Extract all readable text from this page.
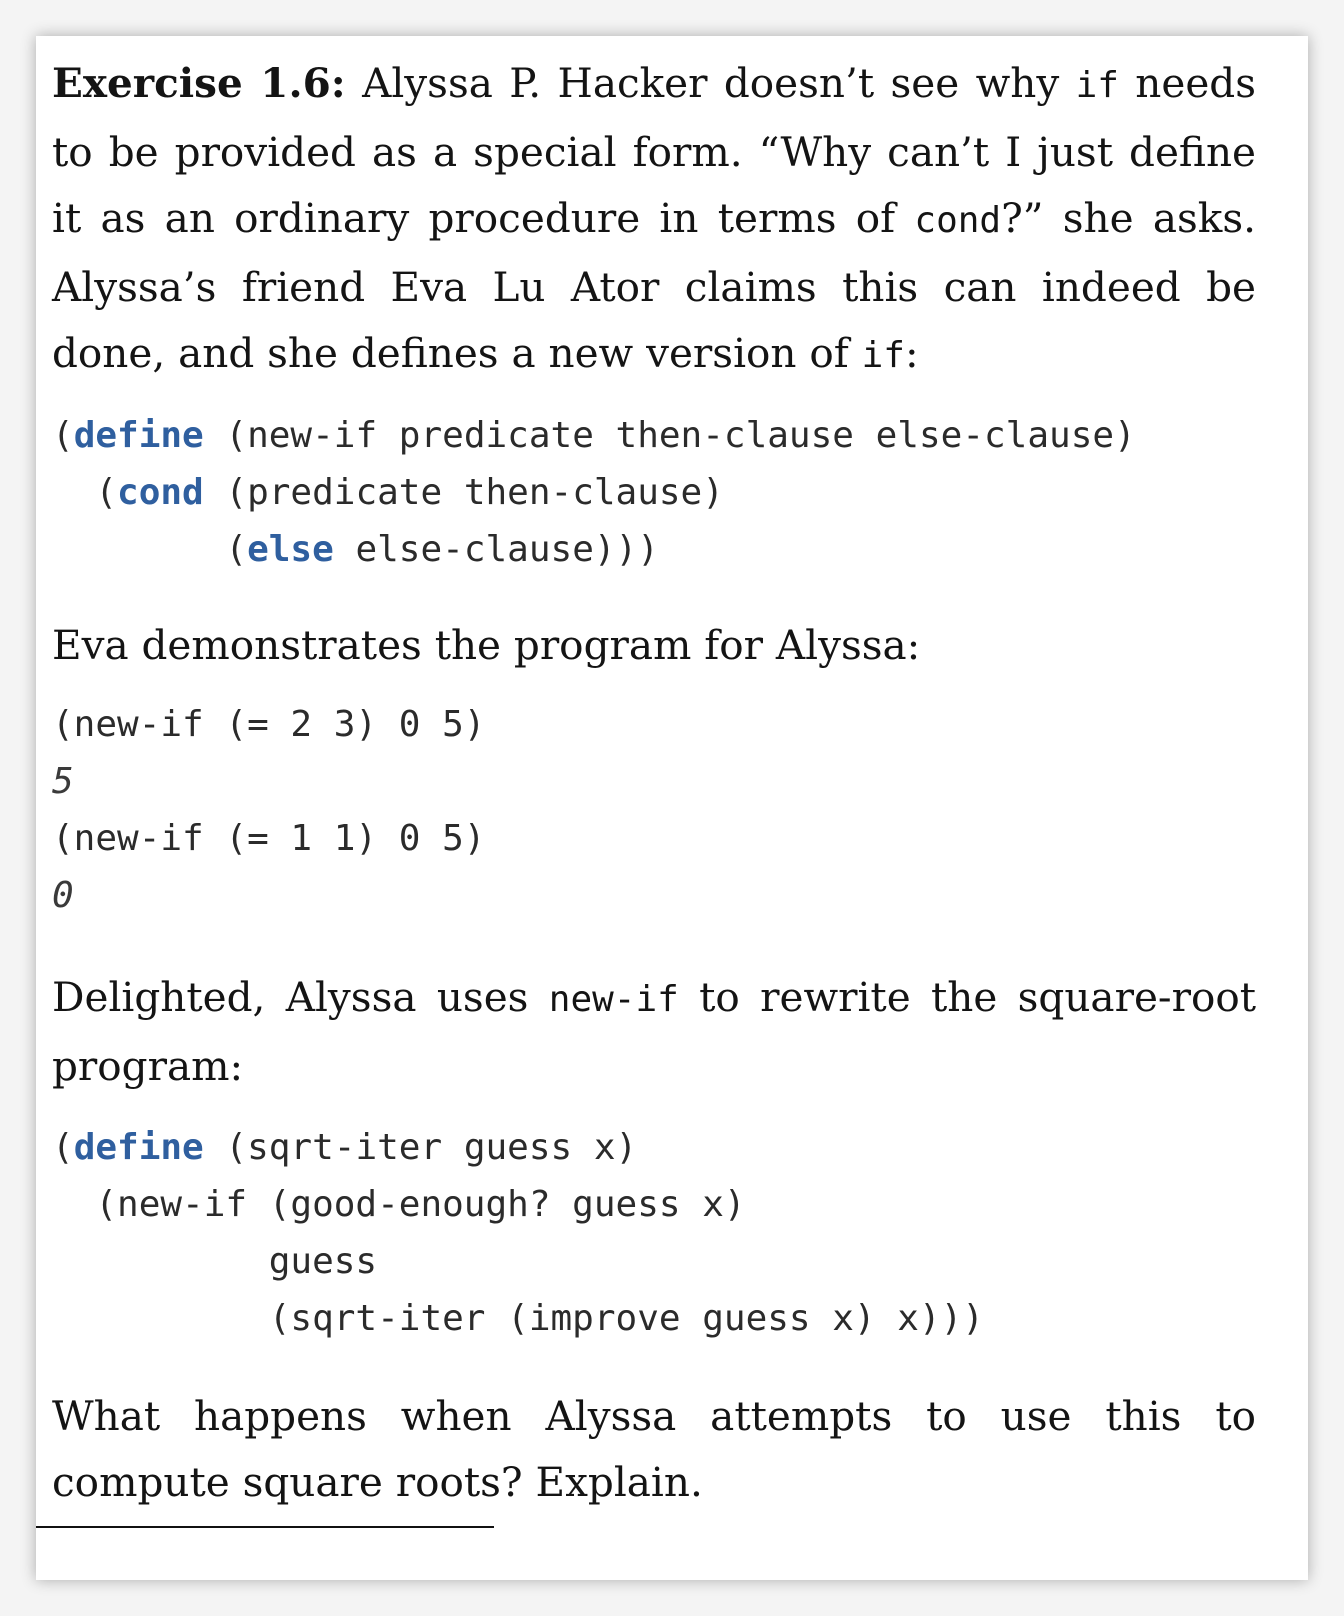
Exercise 1.6: Alyssa P. Hacker doesn’t see why if needs to be provided as a special form. “Why can’t I just define it as an ordinary procedure in terms of cond?” she asks. Alyssa’s friend Eva Lu Ator claims this can indeed be done, and she defines a new version of if:

(define (new-if predicate then-clause else-clause)
(cond (predicate then-clause)
(else else-clause)))

Eva demonstrates the program for Alyssa:

(new-if (= 2 3) 0 5)
5
(new-if (= 1 1) 0 5)
0

Delighted, Alyssa uses new-if to rewrite the square-root program:

(define (sqrt-iter guess x)
(new-if (good-enough? guess x)
guess
(sqrt-iter (improve guess x) x)))

What happens when Alyssa attempts to use this to compute square roots? Explain.
